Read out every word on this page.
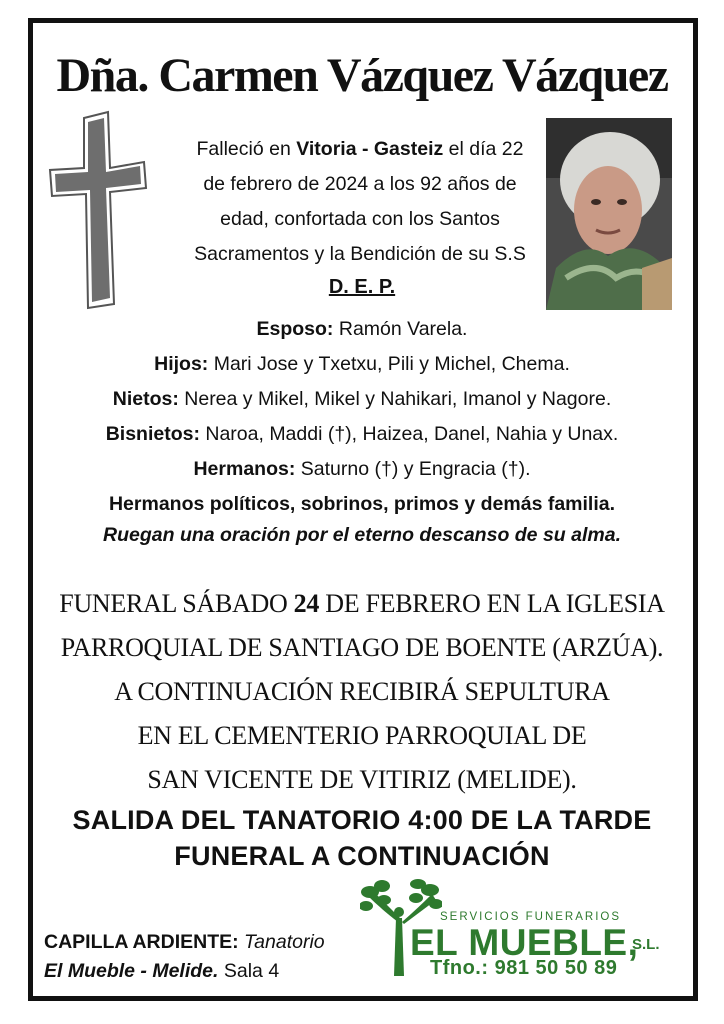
Dña. Carmen Vázquez Vázquez
Falleció en Vitoria - Gasteiz el día 22
de febrero de 2024 a los 92 años de
edad, confortada con los Santos
Sacramentos y la Bendición de su S.S
D. E. P.
Esposo: Ramón Varela.
Hijos: Mari Jose y Txetxu, Pili y Michel, Chema.
Nietos: Nerea y Mikel, Mikel y Nahikari, Imanol y Nagore.
Bisnietos: Naroa, Maddi (†), Haizea, Danel, Nahia y Unax.
Hermanos: Saturno (†) y Engracia (†).
Hermanos políticos, sobrinos, primos y demás familia.
Ruegan una oración por el eterno descanso de su alma.
FUNERAL SÁBADO 24 DE FEBRERO EN LA IGLESIA
PARROQUIAL DE SANTIAGO DE BOENTE (ARZÚA).
A CONTINUACIÓN RECIBIRÁ SEPULTURA
EN EL CEMENTERIO PARROQUIAL DE
SAN VICENTE DE VITIRIZ (MELIDE).
SALIDA DEL TANATORIO 4:00 DE LA TARDE
FUNERAL A CONTINUACIÓN
CAPILLA ARDIENTE: Tanatorio
El Mueble - Melide. Sala 4
SERVICIOS FUNERARIOS
EL MUEBLE,
S.L.
Tfno.: 981 50 50 89
